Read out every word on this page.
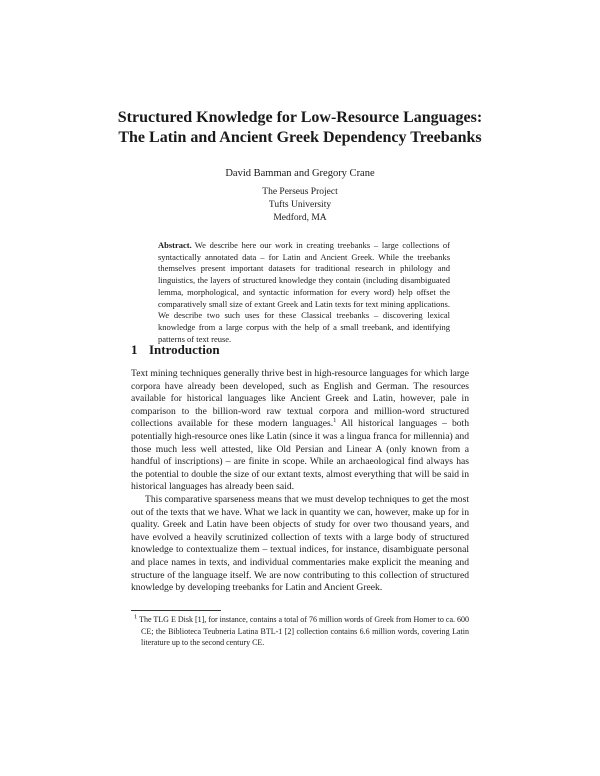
Structured Knowledge for Low-Resource Languages:
The Latin and Ancient Greek Dependency Treebanks
David Bamman and Gregory Crane
The Perseus Project
Tufts University
Medford, MA
Abstract. We describe here our work in creating treebanks – large collections of syntactically annotated data – for Latin and Ancient Greek. While the treebanks themselves present important datasets for traditional research in philology and linguistics, the layers of structured knowledge they contain (including disambiguated lemma, morphological, and syntactic information for every word) help offset the comparatively small size of extant Greek and Latin texts for text mining applications. We describe two such uses for these Classical treebanks – discovering lexical knowledge from a large corpus with the help of a small treebank, and identifying patterns of text reuse.
1 Introduction

Text mining techniques generally thrive best in high-resource languages for which large corpora have already been developed, such as English and German. The resources available for historical languages like Ancient Greek and Latin, however, pale in comparison to the billion-word raw textual corpora and million-word structured collections available for these modern languages.$^1$ All historical languages – both potentially high-resource ones like Latin (since it was a lingua franca for millennia) and those much less well attested, like Old Persian and Linear A (only known from a handful of inscriptions) – are finite in scope. While an archaeological find always has the potential to double the size of our extant texts, almost everything that will be said in historical languages has already been said.

This comparative sparseness means that we must develop techniques to get the most out of the texts that we have. What we lack in quantity we can, however, make up for in quality. Greek and Latin have been objects of study for over two thousand years, and have evolved a heavily scrutinized collection of texts with a large body of structured knowledge to contextualize them – textual indices, for instance, disambiguate personal and place names in texts, and individual commentaries make explicit the meaning and structure of the language itself. We are now contributing to this collection of structured knowledge by developing treebanks for Latin and Ancient Greek.

$^1$ The TLG E Disk [1], for instance, contains a total of 76 million words of Greek from Homer to ca. 600 CE; the Biblioteca Teubneria Latina BTL-1 [2] collection contains 6.6 million words, covering Latin literature up to the second century CE.
